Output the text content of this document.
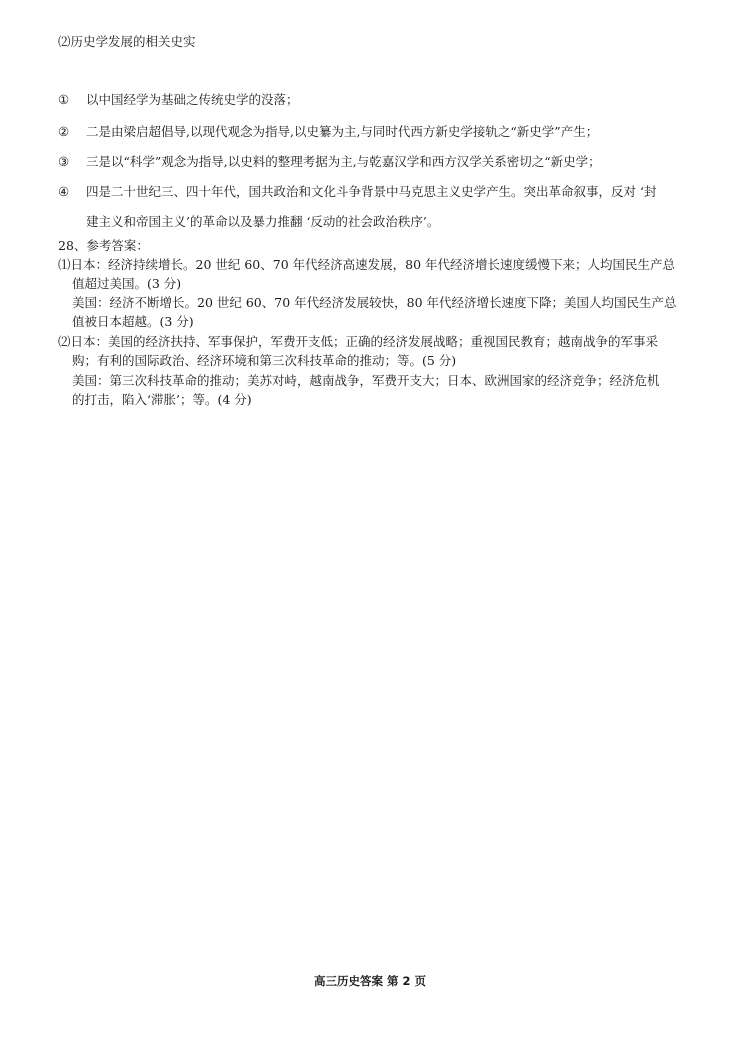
⑵历史学发展的相关史实
①	以中国经学为基础之传统史学的没落；
②	二是由梁启超倡导,以现代观念为指导,以史纂为主,与同时代西方新史学接轨之“新史学”产生；
③	三是以“科学”观念为指导,以史料的整理考据为主,与乾嘉汉学和西方汉学关系密切之“新史学；
④	四是二十世纪三、四十年代，国共政治和文化斗争背景中马克思主义史学产生。突出革命叙事，反对 ‘封
建主义和帝国主义’的革命以及暴力推翻 ‘反动的社会政治秩序’。
28、参考答案：
⑴日本：经济持续增长。20 世纪 60、70 年代经济高速发展，80 年代经济增长速度缓慢下来；人均国民生产总
值超过美国。(3 分)
美国：经济不断增长。20 世纪 60、70 年代经济发展较快，80 年代经济增长速度下降；美国人均国民生产总
值被日本超越。(3 分)
⑵日本：美国的经济扶持、军事保护，军费开支低；正确的经济发展战略；重视国民教育；越南战争的军事采
购；有利的国际政治、经济环境和第三次科技革命的推动；等。(5 分)
美国：第三次科技革命的推动；美苏对峙，越南战争，军费开支大；日本、欧洲国家的经济竞争；经济危机
的打击，陷入‘滞胀’；等。(4 分)
高三历史答案 第 2 页
